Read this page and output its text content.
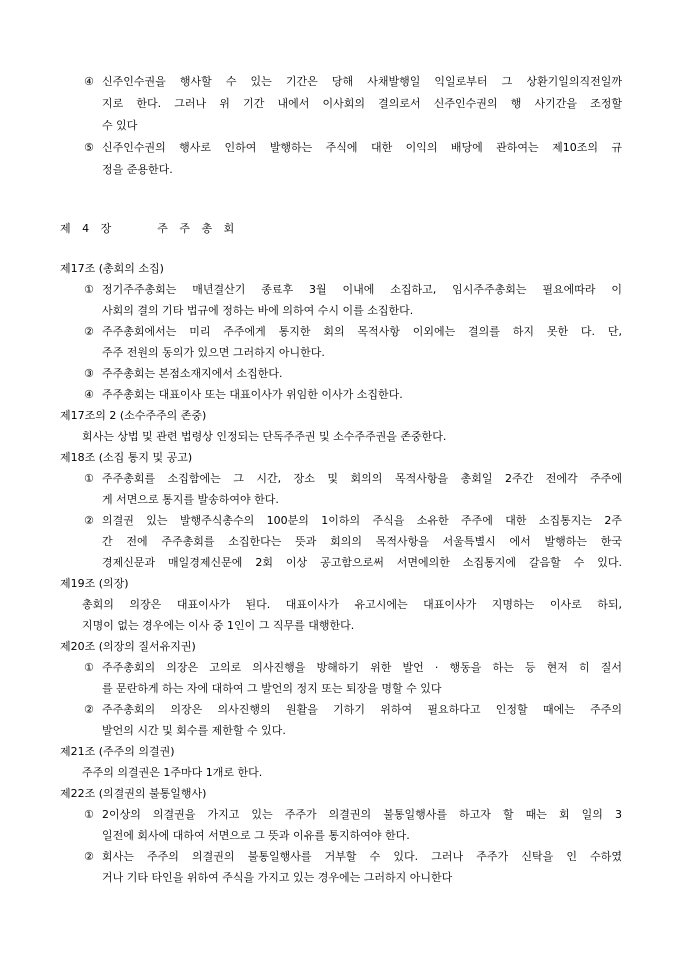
④ 신주인수권을 행사할 수 있는 기간은 당해 사채발행일 익일로부터 그 상환기일의직전일까
지로 한다. 그러나 위 기간 내에서 이사회의 결의로서 신주인수권의 행 사기간을 조정할
수 있다
⑤ 신주인수권의 행사로 인하여 발행하는 주식에 대한 이익의 배당에 관하여는 제10조의 규
정을 준용한다.
제 4 장    주 주 총 회
제17조 (총회의 소집)
① 정기주주총회는 매년결산기 종료후 3월 이내에 소집하고, 임시주주총회는 필요에따라 이
사회의 결의 기타 법규에 정하는 바에 의하여 수시 이를 소집한다.
② 주주총회에서는 미리 주주에게 통지한 회의 목적사항 이외에는 결의를 하지 못한 다. 단,
주주 전원의 동의가 있으면 그러하지 아니한다.
③ 주주총회는 본점소재지에서 소집한다.
④ 주주총회는 대표이사 또는 대표이사가 위임한 이사가 소집한다.
제17조의 2 (소수주주의 존중)
회사는 상법 및 관련 법령상 인정되는 단독주주권 및 소수주주권을 존중한다.
제18조 (소집 통지 및 공고)
① 주주총회를 소집함에는 그 시간, 장소 및 회의의 목적사항을 총회일 2주간 전에각 주주에
게 서면으로 통지를 발송하여야 한다.
② 의결권 있는 발행주식총수의 100분의 1이하의 주식을 소유한 주주에 대한 소집통지는 2주
간 전에 주주총회를 소집한다는 뜻과 회의의 목적사항을 서울특별시 에서 발행하는 한국
경제신문과 매일경제신문에 2회 이상 공고함으로써 서면에의한 소집통지에 갈음할 수 있다.
제19조 (의장)
총회의 의장은 대표이사가 된다. 대표이사가 유고시에는 대표이사가 지명하는 이사로 하되,
지명이 없는 경우에는 이사 중 1인이 그 직무를 대행한다.
제20조 (의장의 질서유지권)
① 주주총회의 의장은 고의로 의사진행을 방해하기 위한 발언 · 행동을 하는 등 현저 히 질서
를 문란하게 하는 자에 대하여 그 발언의 정지 또는 퇴장을 명할 수 있다
② 주주총회의 의장은 의사진행의 원활을 기하기 위하여 필요하다고 인정할 때에는 주주의
발언의 시간 및 회수를 제한할 수 있다.
제21조 (주주의 의결권)
주주의 의결권은 1주마다 1개로 한다.
제22조 (의결권의 불통일행사)
① 2이상의 의결권을 가지고 있는 주주가 의결권의 불통일행사를 하고자 할 때는 회 일의 3
일전에 회사에 대하여 서면으로 그 뜻과 이유를 통지하여야 한다.
② 회사는 주주의 의결권의 불통일행사를 거부할 수 있다. 그러나 주주가 신탁을 인 수하였
거나 기타 타인을 위하여 주식을 가지고 있는 경우에는 그러하지 아니한다
